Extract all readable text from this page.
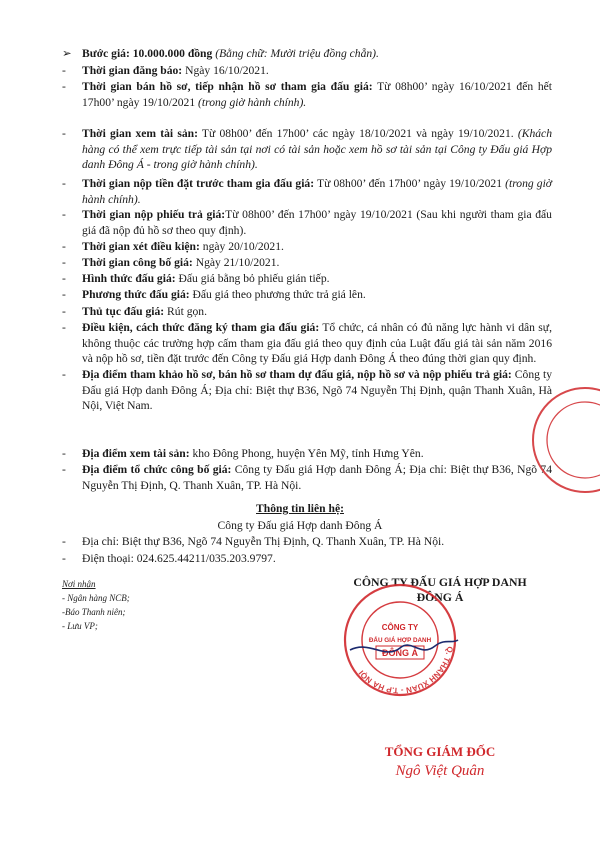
➢ Bước giá: 10.000.000 đồng (Bằng chữ: Mười triệu đồng chẵn).
- Thời gian đăng báo: Ngày 16/10/2021.
- Thời gian bán hồ sơ, tiếp nhận hồ sơ tham gia đấu giá: Từ 08h00’ ngày 16/10/2021 đến hết 17h00’ ngày 19/10/2021 (trong giờ hành chính).
- Thời gian xem tài sản: Từ 08h00’ đến 17h00’ các ngày 18/10/2021 và ngày 19/10/2021. (Khách hàng có thể xem trực tiếp tài sản tại nơi có tài sản hoặc xem hồ sơ tài sản tại Công ty Đấu giá Hợp danh Đông Á - trong giờ hành chính).
- Thời gian nộp tiền đặt trước tham gia đấu giá: Từ 08h00’ đến 17h00’ ngày 19/10/2021 (trong giờ hành chính).
- Thời gian nộp phiếu trả giá:Từ 08h00’ đến 17h00’ ngày 19/10/2021 (Sau khi người tham gia đấu giá đã nộp đủ hồ sơ theo quy định).
- Thời gian xét điều kiện: ngày 20/10/2021.
- Thời gian công bố giá: Ngày 21/10/2021.
- Hình thức đấu giá: Đấu giá bằng bỏ phiếu gián tiếp.
- Phương thức đấu giá: Đấu giá theo phương thức trả giá lên.
- Thủ tục đấu giá: Rút gọn.
- Điều kiện, cách thức đăng ký tham gia đấu giá: Tổ chức, cá nhân có đủ năng lực hành vi dân sự, không thuộc các trường hợp cấm tham gia đấu giá theo quy định của Luật đấu giá tài sản năm 2016 và nộp hồ sơ, tiền đặt trước đến Công ty Đấu giá Hợp danh Đông Á theo đúng thời gian quy định.
- Địa điểm tham khảo hồ sơ, bán hồ sơ tham dự đấu giá, nộp hồ sơ và nộp phiếu trả giá: Công ty Đấu giá Hợp danh Đông Á; Địa chỉ: Biệt thự B36, Ngõ 74 Nguyễn Thị Định, quận Thanh Xuân, Hà Nội, Việt Nam.
- Địa điểm xem tài sản: kho Đông Phong, huyện Yên Mỹ, tỉnh Hưng Yên.
- Địa điểm tổ chức công bố giá: Công ty Đấu giá Hợp danh Đông Á; Địa chỉ: Biệt thự B36, Ngõ 74 Nguyễn Thị Định, Q. Thanh Xuân, TP. Hà Nội.
Thông tin liên hệ:
Công ty Đấu giá Hợp danh Đông Á
- Địa chỉ: Biệt thự B36, Ngõ 74 Nguyễn Thị Định, Q. Thanh Xuân, TP. Hà Nội.
- Điện thoại: 024.625.44211/035.203.9797.
Nơi nhận
- Ngân hàng NCB;
-Báo Thanh niên;
- Lưu VP;
CÔNG TY ĐẤU GIÁ HỢP DANH
ĐÔNG Á
Q. THANH XUÂN - T.P HÀ NỘI
CÔNG TY
ĐẤU GIÁ HỢP DANH
ĐÔNG Á
TỔNG GIÁM ĐỐC
Ngô Việt Quân
